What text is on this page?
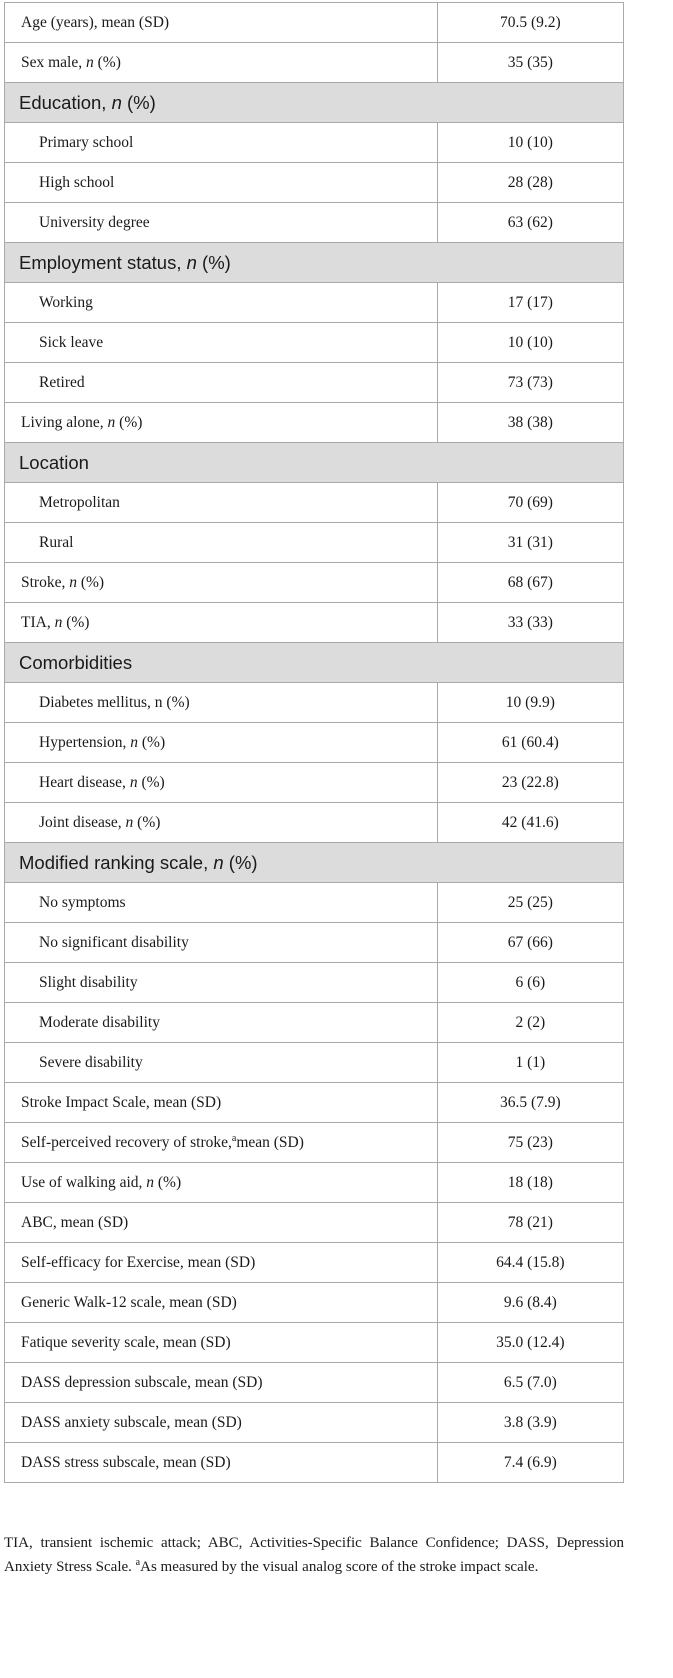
Age (years), mean (SD)	70.5 (9.2)
Sex male, n (%)	35 (35)
Education, n (%)	
Primary school	10 (10)
High school	28 (28)
University degree	63 (62)
Employment status, n (%)	
Working	17 (17)
Sick leave	10 (10)
Retired	73 (73)
Living alone, n (%)	38 (38)
Location	
Metropolitan	70 (69)
Rural	31 (31)
Stroke, n (%)	68 (67)
TIA, n (%)	33 (33)
Comorbidities	
Diabetes mellitus, n (%)	10 (9.9)
Hypertension, n (%)	61 (60.4)
Heart disease, n (%)	23 (22.8)
Joint disease, n (%)	42 (41.6)
Modified ranking scale, n (%)	
No symptoms	25 (25)
No significant disability	67 (66)
Slight disability	6 (6)
Moderate disability	2 (2)
Severe disability	1 (1)
Stroke Impact Scale, mean (SD)	36.5 (7.9)
Self-perceived recovery of stroke,$^a$mean (SD)	75 (23)
Use of walking aid, n (%)	18 (18)
ABC, mean (SD)	78 (21)
Self-efficacy for Exercise, mean (SD)	64.4 (15.8)
Generic Walk-12 scale, mean (SD)	9.6 (8.4)
Fatique severity scale, mean (SD)	35.0 (12.4)
DASS depression subscale, mean (SD)	6.5 (7.0)
DASS anxiety subscale, mean (SD)	3.8 (3.9)
DASS stress subscale, mean (SD)	7.4 (6.9)

TIA, transient ischemic attack; ABC, Activities-Specific Balance Confidence; DASS, Depression Anxiety Stress Scale. $^a$As measured by the visual analog score of the stroke impact scale.
